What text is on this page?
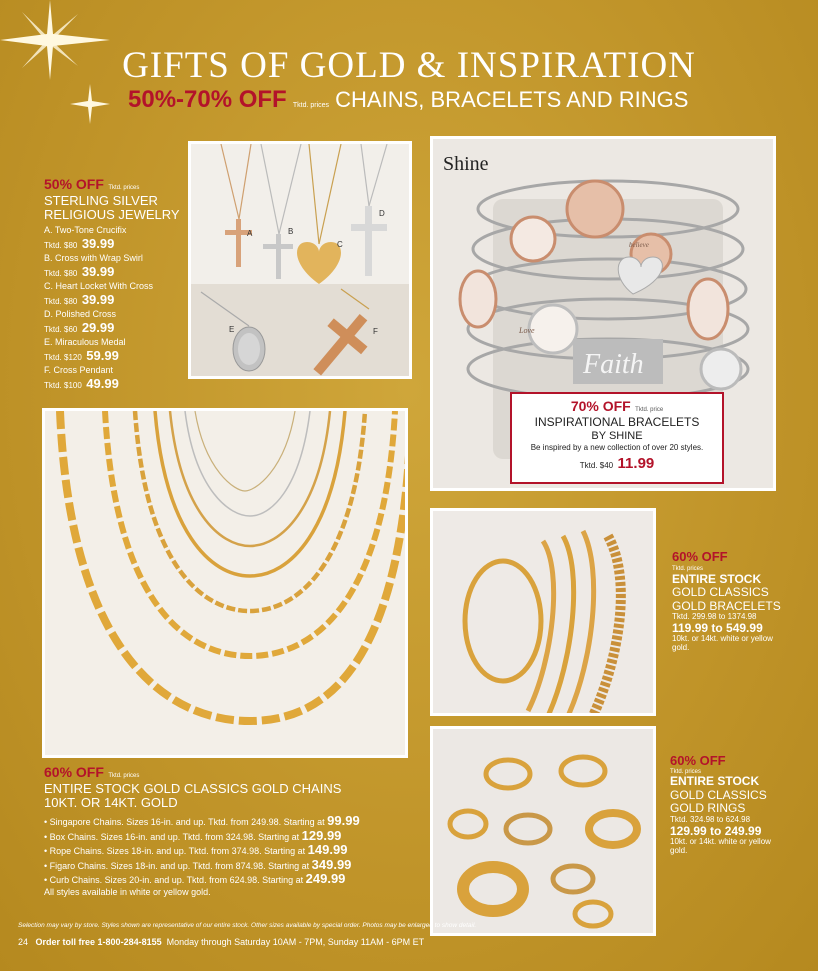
GIFTS OF GOLD & INSPIRATION
50%-70% OFF Tktd. prices CHAINS, BRACELETS AND RINGS
50% OFF Tktd. prices
STERLING SILVER
RELIGIOUS JEWELRY
A. Two-Tone Crucifix
Tktd. $80 39.99
B. Cross with Wrap Swirl
Tktd. $80 39.99
C. Heart Locket With Cross
Tktd. $80 39.99
D. Polished Cross
Tktd. $60 29.99
E. Miraculous Medal
Tktd. $120 59.99
F. Cross Pendant
Tktd. $100 49.99
A	B
C
D
E	F
Faith
believe
Love
Shine
70% OFF Tktd. price
INSPIRATIONAL BRACELETS
BY SHINE
Be inspired by a new collection of over 20 styles.
Tktd. $40 11.99
60% OFF Tktd. prices
ENTIRE STOCK GOLD CLASSICS GOLD CHAINS
10KT. OR 14KT. GOLD
• Singapore Chains. Sizes 16-in. and up. Tktd. from 249.98. Starting at 99.99
• Box Chains. Sizes 16-in. and up. Tktd. from 324.98. Starting at 129.99
• Rope Chains. Sizes 18-in. and up. Tktd. from 374.98. Starting at 149.99
• Figaro Chains. Sizes 18-in. and up. Tktd. from 874.98. Starting at 349.99
• Curb Chains. Sizes 20-in. and up. Tktd. from 624.98. Starting at 249.99
All styles available in white or yellow gold.
60% OFF
Tktd. prices
ENTIRE STOCK
GOLD CLASSICS
GOLD BRACELETS
Tktd. 299.98 to 1374.98
119.99 to 549.99
10kt. or 14kt. white or yellow gold.
60% OFF
Tktd. prices
ENTIRE STOCK
GOLD CLASSICS
GOLD RINGS
Tktd. 324.98 to 624.98
129.99 to 249.99
10kt. or 14kt. white or yellow gold.
Selection may vary by store. Styles shown are representative of our entire stock. Other sizes available by special order. Photos may be enlarged to show detail.
24 Order toll free 1-800-284-8155 Monday through Saturday 10AM - 7PM, Sunday 11AM - 6PM ET
